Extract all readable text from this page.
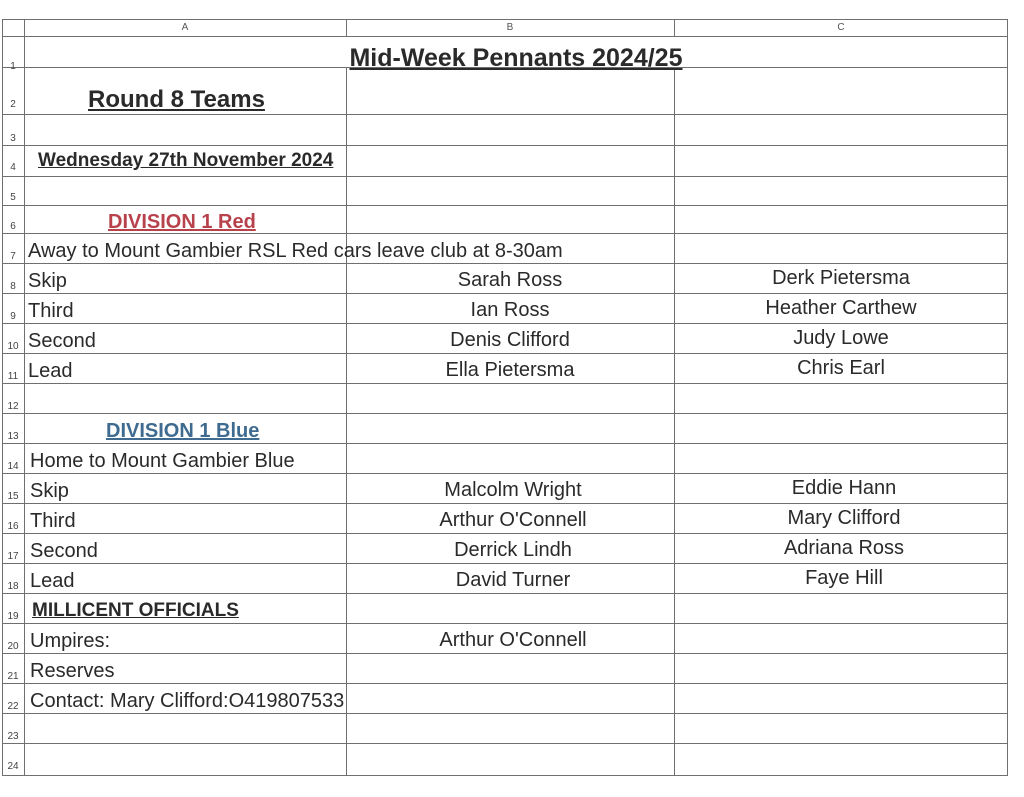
A	B	C
1
2
3
4
5
6
7
8
9
10
11
12
13
14
15
16
17
18
19
20
21
22
23
24
Mid-Week Pennants 2024/25
Round 8 Teams
Wednesday 27th November 2024
DIVISION 1 Red
Away to Mount Gambier RSL Red cars leave club at 8-30am
Skip	Sarah Ross	Derk Pietersma
Third	Ian Ross	Heather Carthew
Second	Denis Clifford	Judy Lowe
Lead	Ella Pietersma	Chris Earl
DIVISION 1 Blue
Home to Mount Gambier Blue
Skip	Malcolm Wright	Eddie Hann
Third	Arthur O'Connell	Mary Clifford
Second	Derrick Lindh	Adriana Ross
Lead	David Turner	Faye Hill
MILLICENT OFFICIALS
Umpires:	Arthur O'Connell
Reserves
Contact: Mary Clifford:O419807533
